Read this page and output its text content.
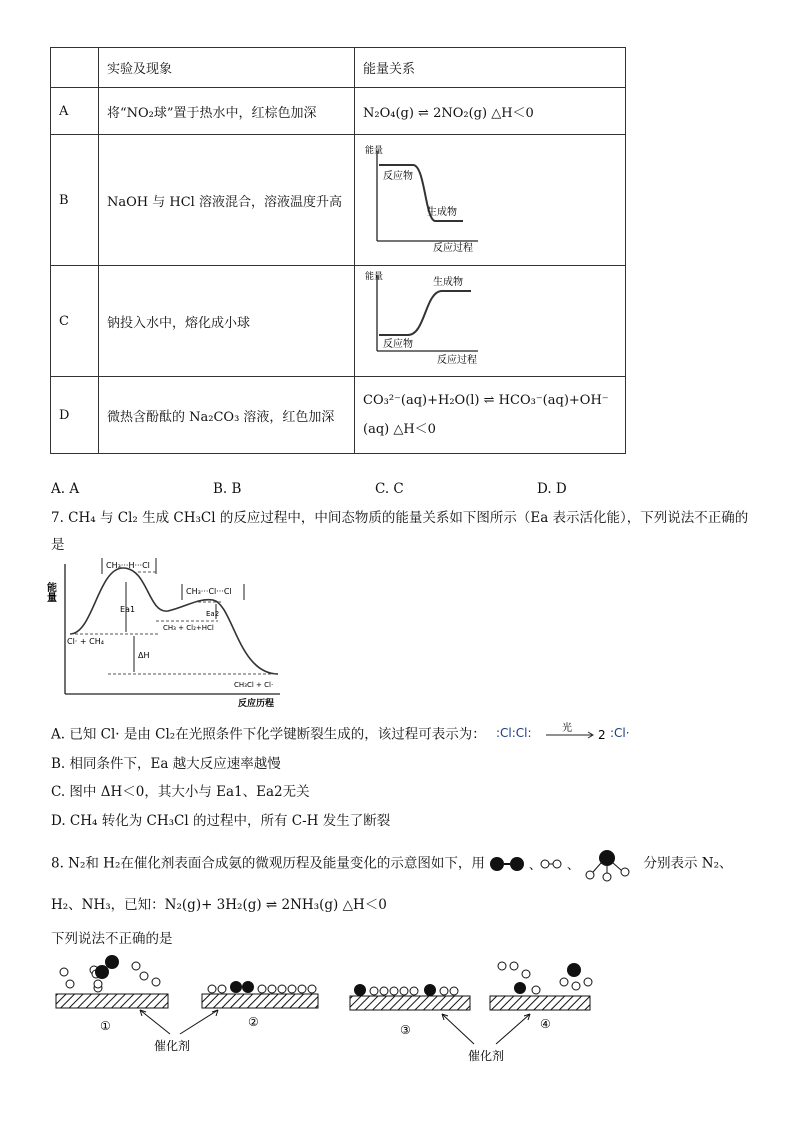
	实验及现象	能量关系
A	将“NO₂球”置于热水中，红棕色加深	N₂O₄(g) ⇌ 2NO₂(g) △H＜0
B	NaOH 与 HCl 溶液混合，溶液温度升高	能量
反应物
生成物
反应过程

C	钠投入水中，熔化成小球	能量 生成物
反应物
反应过程

D	微热含酚酞的 Na₂CO₃ 溶液，红色加深	CO₃²⁻(aq)+H₂O(l) ⇌ HCO₃⁻(aq)+OH⁻
(aq) △H＜0
A. A	B. B	C. C	D. D
7. CH₄ 与 Cl₂ 生成 CH₃Cl 的反应过程中，中间态物质的能量关系如下图所示（Ea 表示活化能），下列说法不正确的
是
能量
CH₃···H···Cl
CH₃···Cl···Cl
Ea1	Ea2
ΔH
Cl· + CH₄
CH₃ + Cl₂+HCl
CH₃Cl + Cl·
反应历程
A. 已知 Cl· 是由 Cl₂在光照条件下化学键断裂生成的，该过程可表示为： :Cl:Cl:	光 2 :Cl·
B. 相同条件下，Ea 越大反应速率越慢
C. 图中 ΔH＜0，其大小与 Ea1、Ea2无关
D. CH₄ 转化为 CH₃Cl 的过程中，所有 C-H 发生了断裂
8. N₂和 H₂在催化剂表面合成氨的微观历程及能量变化的示意图如下，用	、 、	分别表示 N₂、
H₂、NH₃，已知：N₂(g)+ 3H₂(g) ⇌ 2NH₃(g) △H＜0
下列说法不正确的是
①	②
③	④
催化剂
催化剂
